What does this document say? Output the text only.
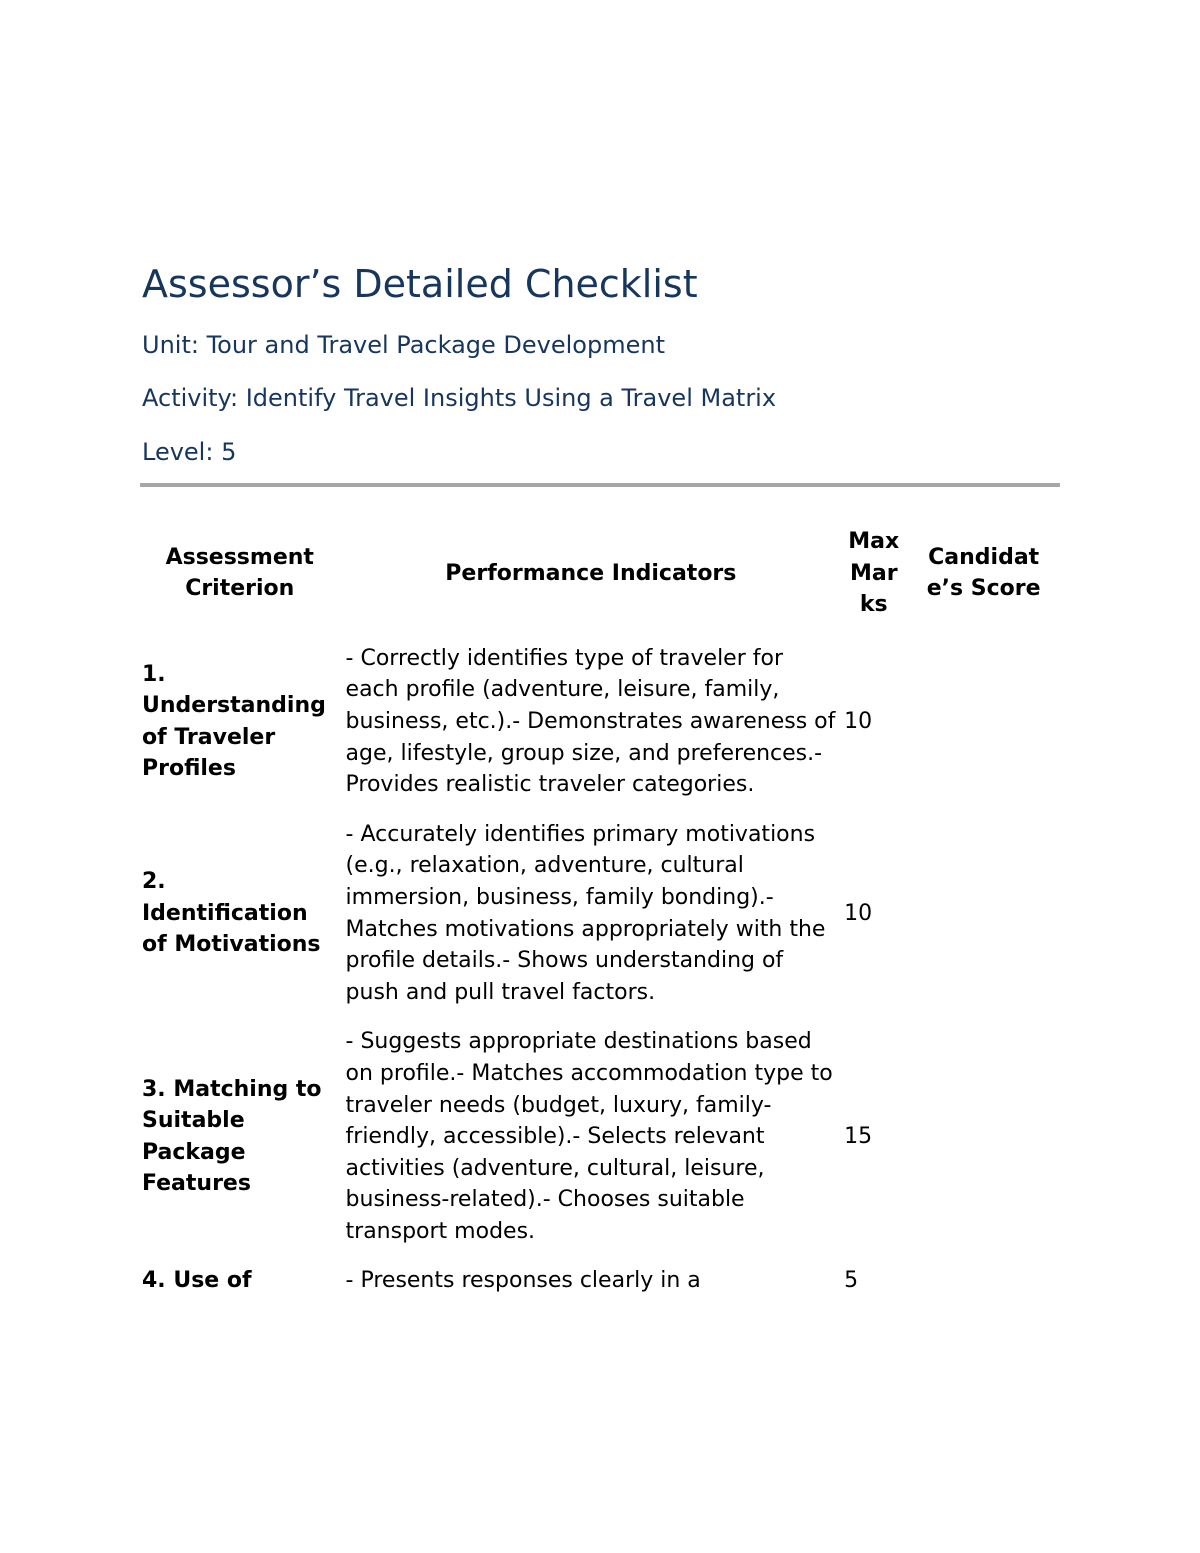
Assessor’s Detailed Checklist
Unit: Tour and Travel Package Development
Activity: Identify Travel Insights Using a Travel Matrix
Level: 5
Assessment Criterion	Performance Indicators	Max Marks	Candidate’s Score
1. Understanding of Traveler Profiles	- Correctly identifies type of traveler for each profile (adventure, leisure, family, business, etc.).- Demonstrates awareness of age, lifestyle, group size, and preferences.- Provides realistic traveler categories.	10	
2. Identification of Motivations	- Accurately identifies primary motivations (e.g., relaxation, adventure, cultural immersion, business, family bonding).- Matches motivations appropriately with the profile details.- Shows understanding of push and pull travel factors.	10	
3. Matching to Suitable Package Features	- Suggests appropriate destinations based on profile.- Matches accommodation type to traveler needs (budget, luxury, family-friendly, accessible).- Selects relevant activities (adventure, cultural, leisure, business-related).- Chooses suitable transport modes.	15	
4. Use of	- Presents responses clearly in a	5	
